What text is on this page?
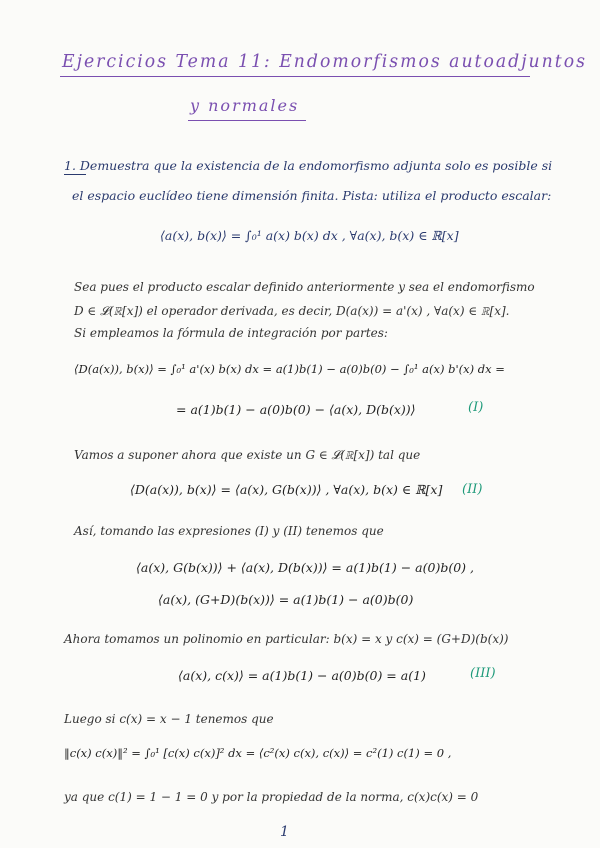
Ejercicios Tema 11: Endomorfismos autoadjuntos
y normales
1. Demuestra que la existencia de la endomorfismo adjunta solo es posible si
el espacio euclídeo tiene dimensión finita. Pista: utiliza el producto escalar:
⟨a(x), b(x)⟩ = ∫₀¹ a(x) b(x) dx , ∀a(x), b(x) ∈ ℝ[x]
Sea pues el producto escalar definido anteriormente y sea el endomorfismo
D ∈ 𝓛(ℝ[x]) el operador derivada, es decir, D(a(x)) = a'(x) , ∀a(x) ∈ ℝ[x].
Si empleamos la fórmula de integración por partes:
⟨D(a(x)), b(x)⟩ = ∫₀¹ a'(x) b(x) dx = a(1)b(1) − a(0)b(0) − ∫₀¹ a(x) b'(x) dx =
= a(1)b(1) − a(0)b(0) − ⟨a(x), D(b(x))⟩	(I)
Vamos a suponer ahora que existe un G ∈ 𝓛(ℝ[x]) tal que
⟨D(a(x)), b(x)⟩ = ⟨a(x), G(b(x))⟩ , ∀a(x), b(x) ∈ ℝ[x] (II)
Así, tomando las expresiones (I) y (II) tenemos que
⟨a(x), G(b(x))⟩ + ⟨a(x), D(b(x))⟩ = a(1)b(1) − a(0)b(0) ,
⟨a(x), (G+D)(b(x))⟩ = a(1)b(1) − a(0)b(0)
Ahora tomamos un polinomio en particular: b(x) = x y c(x) = (G+D)(b(x))
⟨a(x), c(x)⟩ = a(1)b(1) − a(0)b(0) = a(1)	(III)
Luego si c(x) = x − 1 tenemos que
‖c(x) c(x)‖² = ∫₀¹ [c(x) c(x)]² dx = ⟨c²(x) c(x), c(x)⟩ = c²(1) c(1) = 0 ,
ya que c(1) = 1 − 1 = 0 y por la propiedad de la norma, c(x)c(x) = 0
1
